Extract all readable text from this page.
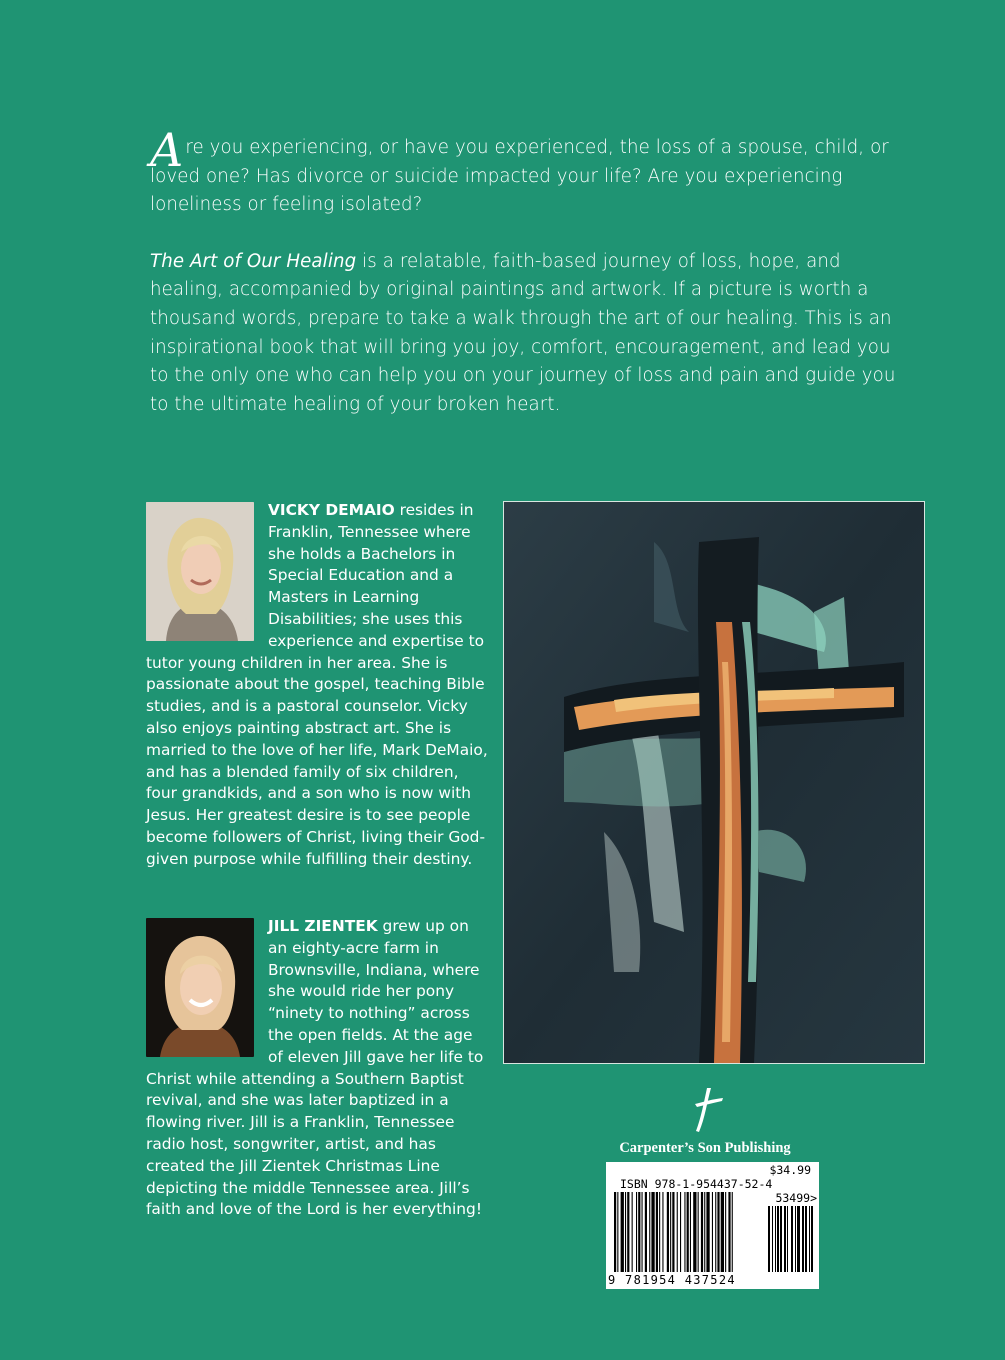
Are you experiencing, or have you experienced, the loss of a spouse, child, or loved one? Has divorce or suicide impacted your life? Are you experiencing loneliness or feeling isolated?

The Art of Our Healing is a relatable, faith-based journey of loss, hope, and healing, accompanied by original paintings and artwork. If a picture is worth a thousand words, prepare to take a walk through the art of our healing. This is an inspirational book that will bring you joy, comfort, encouragement, and lead you to the only one who can help you on your journey of loss and pain and guide you to the ultimate healing of your broken heart.

VICKY DEMAIO resides in Franklin, Tennessee where she holds a Bachelors in Special Education and a Masters in Learning Disabilities; she uses this experience and expertise to tutor young children in her area. She is passionate about the gospel, teaching Bible studies, and is a pastoral counselor. Vicky also enjoys painting abstract art. She is married to the love of her life, Mark DeMaio, and has a blended family of six children, four grandkids, and a son who is now with Jesus. Her greatest desire is to see people become followers of Christ, living their God-given purpose while fulfilling their destiny.

JILL ZIENTEK grew up on an eighty-acre farm in Brownsville, Indiana, where she would ride her pony “ninety to nothing” across the open fields. At the age of eleven Jill gave her life to Christ while attending a Southern Baptist revival, and she was later baptized in a flowing river. Jill is a Franklin, Tennessee radio host, songwriter, artist, and has created the Jill Zientek Christmas Line depicting the middle Tennessee area. Jill’s faith and love of the Lord is her everything!

Carpenter’s Son Publishing
$34.99
ISBN 978-1-954437-52-4
53499>
9 781954 437524
